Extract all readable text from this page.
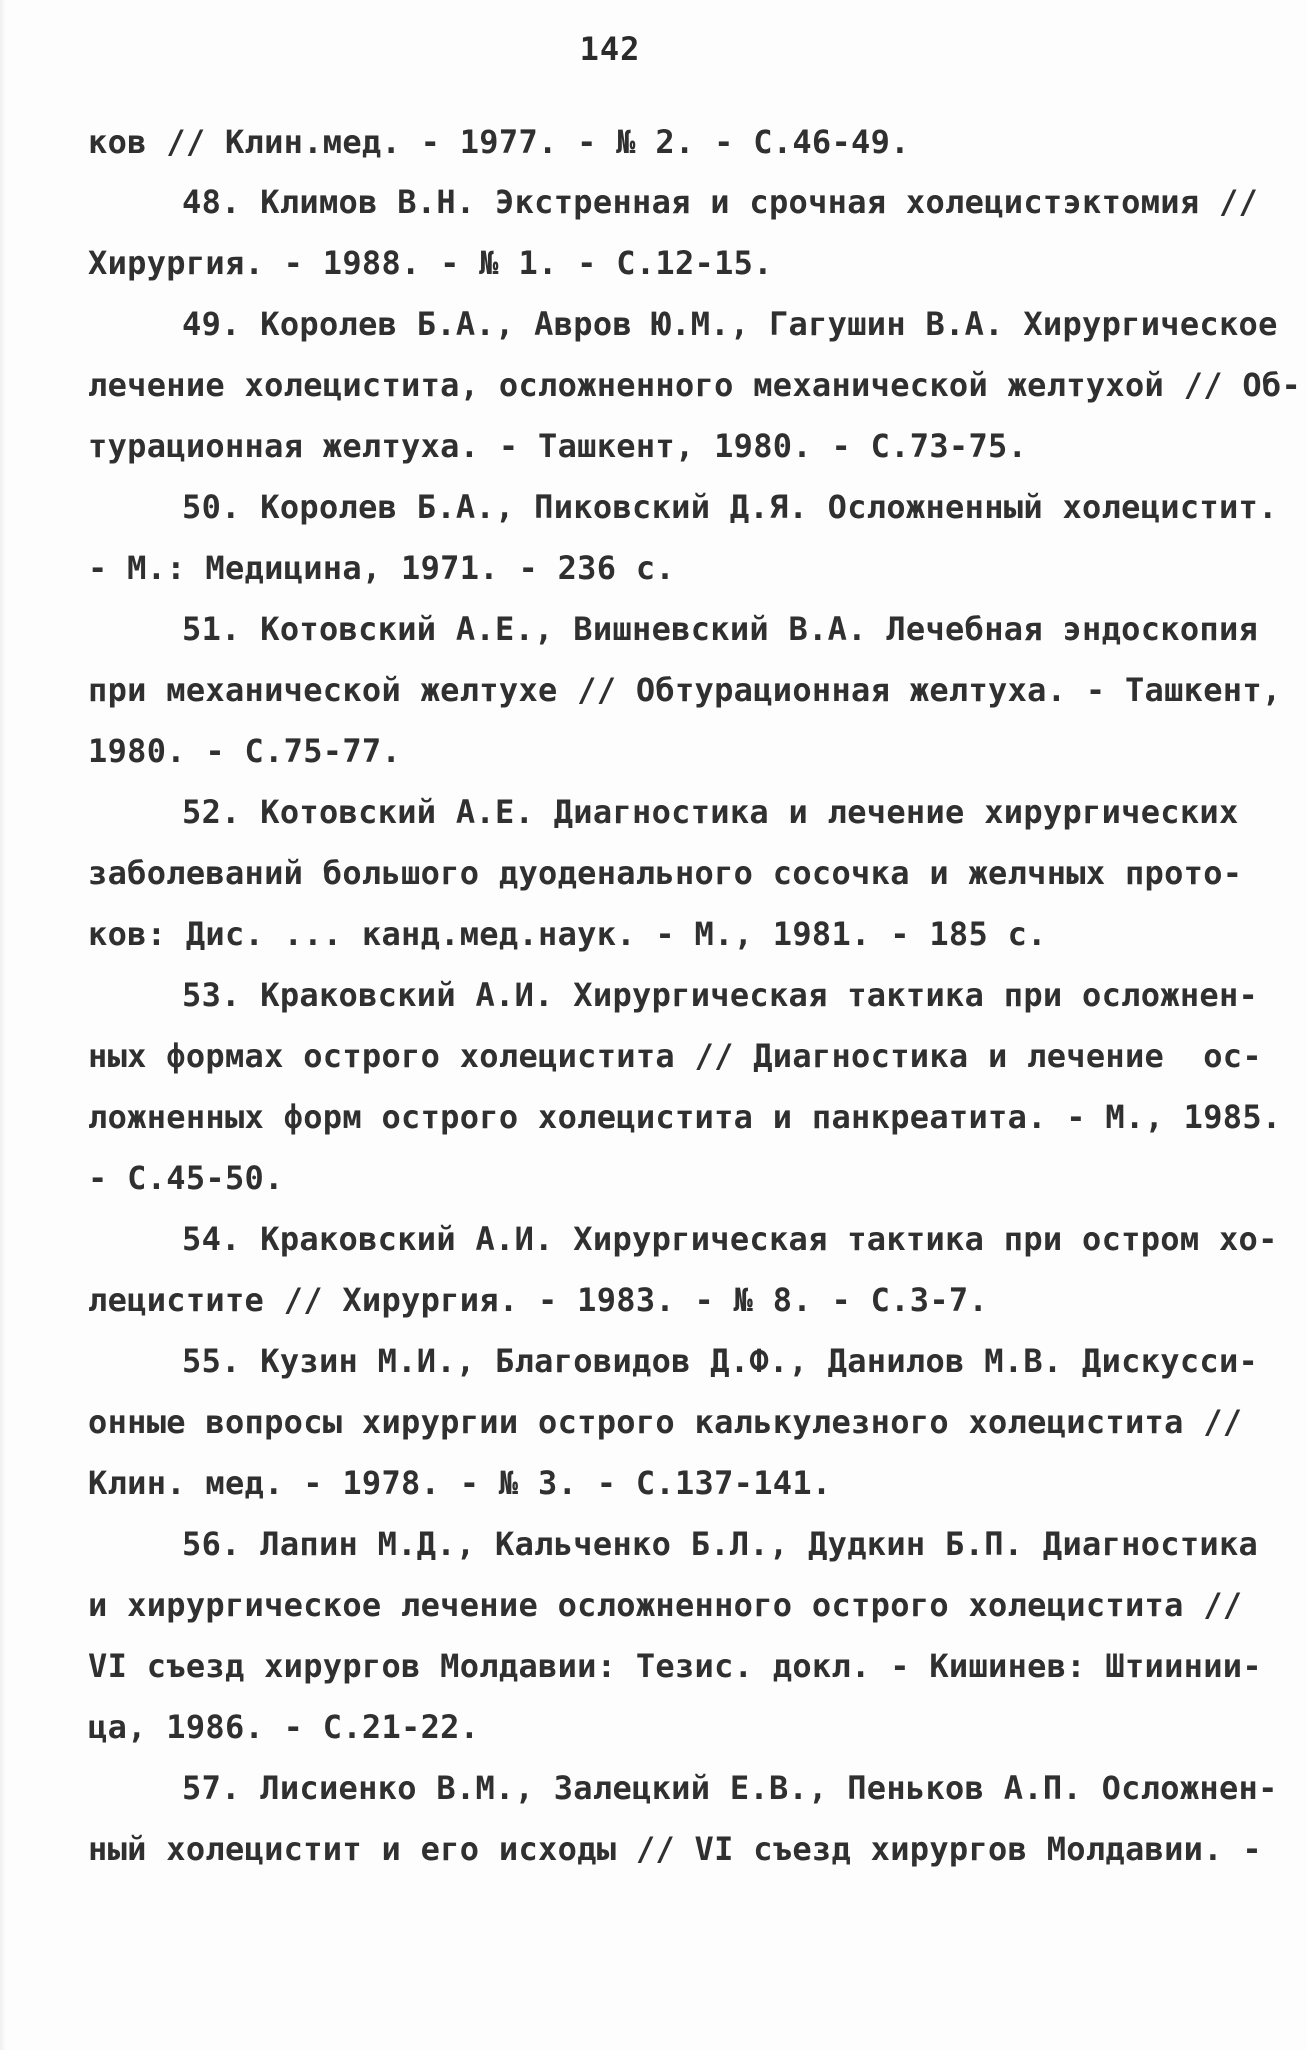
142
ков // Клин.мед. - 1977. - № 2. - С.46-49.
48. Климов В.Н. Экстренная и срочная холецистэктомия //
Хирургия. - 1988. - № 1. - С.12-15.
49. Королев Б.А., Авров Ю.М., Гагушин В.А. Хирургическое
лечение холецистита, осложненного механической желтухой // Об-
турационная желтуха. - Ташкент, 1980. - С.73-75.
50. Королев Б.А., Пиковский Д.Я. Осложненный холецистит.
- М.: Медицина, 1971. - 236 с.
51. Котовский А.Е., Вишневский В.А. Лечебная эндоскопия
при механической желтухе // Обтурационная желтуха. - Ташкент,
1980. - С.75-77.
52. Котовский А.Е. Диагностика и лечение хирургических
заболеваний большого дуоденального сосочка и желчных прото-
ков: Дис. ... канд.мед.наук. - М., 1981. - 185 с.
53. Краковский А.И. Хирургическая тактика при осложнен-
ных формах острого холецистита // Диагностика и лечение  ос-
ложненных форм острого холецистита и панкреатита. - М., 1985.
- С.45-50.
54. Краковский А.И. Хирургическая тактика при остром хо-
лецистите // Хирургия. - 1983. - № 8. - С.3-7.
55. Кузин М.И., Благовидов Д.Ф., Данилов М.В. Дискусси-
онные вопросы хирургии острого калькулезного холецистита //
Клин. мед. - 1978. - № 3. - С.137-141.
56. Лапин М.Д., Кальченко Б.Л., Дудкин Б.П. Диагностика
и хирургическое лечение осложненного острого холецистита //
VI съезд хирургов Молдавии: Тезис. докл. - Кишинев: Штиинии-
ца, 1986. - С.21-22.
57. Лисиенко В.М., Залецкий Е.В., Пеньков А.П. Осложнен-
ный холецистит и его исходы // VI съезд хирургов Молдавии. -
